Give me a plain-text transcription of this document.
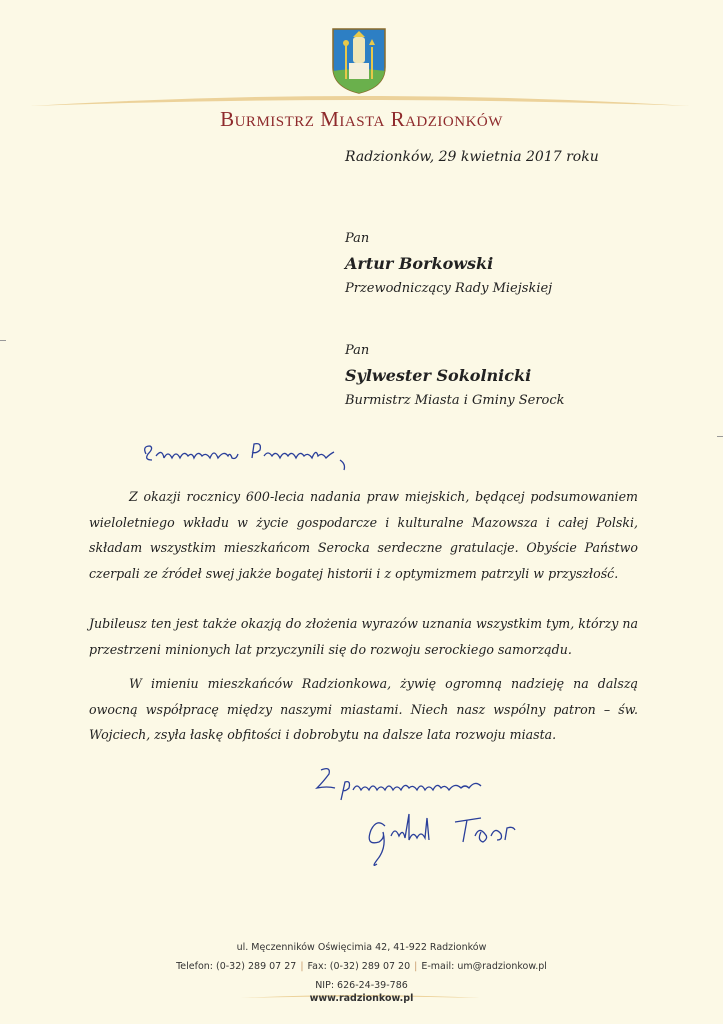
Burmistrz Miasta Radzionków
Radzionków, 29 kwietnia 2017 roku
Pan
Artur Borkowski
Przewodniczący Rady Miejskiej
Pan
Sylwester Sokolnicki
Burmistrz Miasta i Gminy Serock

Z okazji rocznicy 600-lecia nadania praw miejskich, będącej podsumowaniem wieloletniego wkładu w życie gospodarcze i kulturalne Mazowsza i całej Polski, składam wszystkim mieszkańcom Serocka serdeczne gratulacje. Obyście Państwo czerpali ze źródeł swej jakże bogatej historii i z optymizmem patrzyli w przyszłość.

Jubileusz ten jest także okazją do złożenia wyrazów uznania wszystkim tym, którzy na przestrzeni minionych lat przyczynili się do rozwoju serockiego samorządu.

W imieniu mieszkańców Radzionkowa, żywię ogromną nadzieję na dalszą owocną współpracę między naszymi miastami. Niech nasz wspólny patron – św. Wojciech, zsyła łaskę obfitości i dobrobytu na dalsze lata rozwoju miasta.

ul. Męczenników Oświęcimia 42, 41-922 Radzionków
Telefon: (0-32) 289 07 27 | Fax: (0-32) 289 07 20 | E-mail: um@radzionkow.pl
NIP: 626-24-39-786
www.radzionkow.pl
